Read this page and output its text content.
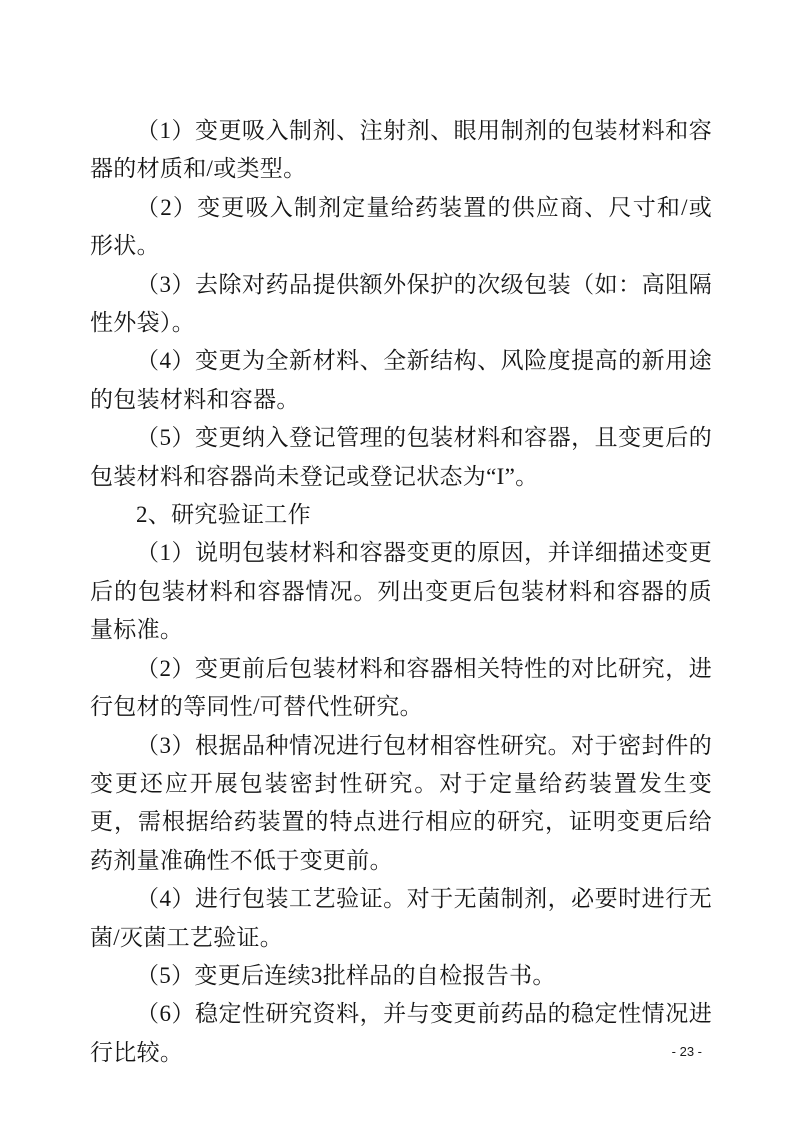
（1）变更吸入制剂、注射剂、眼用制剂的包装材料和容器的材质和/或类型。

（2）变更吸入制剂定量给药装置的供应商、尺寸和/或形状。

（3）去除对药品提供额外保护的次级包装（如：高阻隔性外袋）。

（4）变更为全新材料、全新结构、风险度提高的新用途的包装材料和容器。

（5）变更纳入登记管理的包装材料和容器，且变更后的包装材料和容器尚未登记或登记状态为“I”。

2、研究验证工作

（1）说明包装材料和容器变更的原因，并详细描述变更后的包装材料和容器情况。列出变更后包装材料和容器的质量标准。

（2）变更前后包装材料和容器相关特性的对比研究，进行包材的等同性/可替代性研究。

（3）根据品种情况进行包材相容性研究。对于密封件的变更还应开展包装密封性研究。对于定量给药装置发生变更，需根据给药装置的特点进行相应的研究，证明变更后给药剂量准确性不低于变更前。

（4）进行包装工艺验证。对于无菌制剂，必要时进行无菌/灭菌工艺验证。

（5）变更后连续3批样品的自检报告书。

（6）稳定性研究资料，并与变更前药品的稳定性情况进行比较。	- 23 -
